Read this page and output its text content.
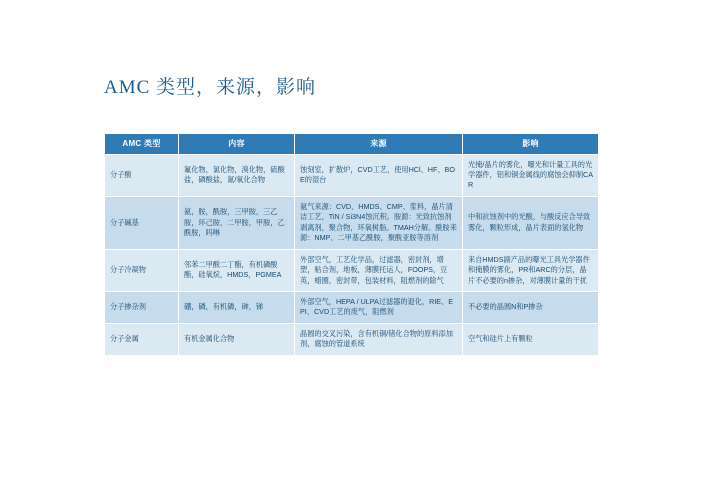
AMC 类型，来源，影响
AMC 类型	内容	来源	影响
分子酸	氟化物，氯化物，溴化物，硫酸盐，磷酸盐，氮/氧化合物	蚀刻室，扩散炉，CVD工艺，使用HCl、HF、BOE的湿台	光掩/晶片的雾化，曝光和计量工具的光学器件，铝和铜金属线的腐蚀会抑制CAR
分子碱基	氨，胺，酰胺，三甲胺，三乙胺，环己胺，二甲胺，甲胺，乙酰胺，吗啉	氨气来源：CVD、HMDS、CMP、浆料，晶片清洁工艺，TiN / Si3N4蚀沉积。胺源：光致抗蚀剂剥离剂，聚合物，环氧树脂。TMAH分解。酰胺来源：NMP、二甲基乙酰胺，聚酰亚胺等溶剂	中和抗蚀剂中的光酸，与酸反应合导致雾化，颗粒形成，晶片表面的氢化物
分子冷凝物	邻苯二甲酸二丁酯，有机磷酸酯，硅氧烷，HMDS，PGMEA	外部空气，工艺化学品，过滤器，密封剂，增塑，粘合剂，地板，薄膜托运人，FOOPS，豆英，蜡圈，密封带，包装材料，阻燃剂的除气	来自HMDS副产品的曝光工具光学器件和掩膜的雾化，PR和ARC的分层，晶片不必要的n掺杂，对薄膜计量的干扰
分子掺杂剂	硼，磷，有机磷，砷，锑	外部空气，HEPA / ULPA过滤器的退化，RIE、EPI、CVD工艺的废气，阻燃剂	不必要的晶圆N和P掺杂
分子金属	有机金属化合物	晶圆的交叉污染，含有机铜/锗化合物的原料添加剂，腐蚀的管道系统	空气和硅片上有颗粒
